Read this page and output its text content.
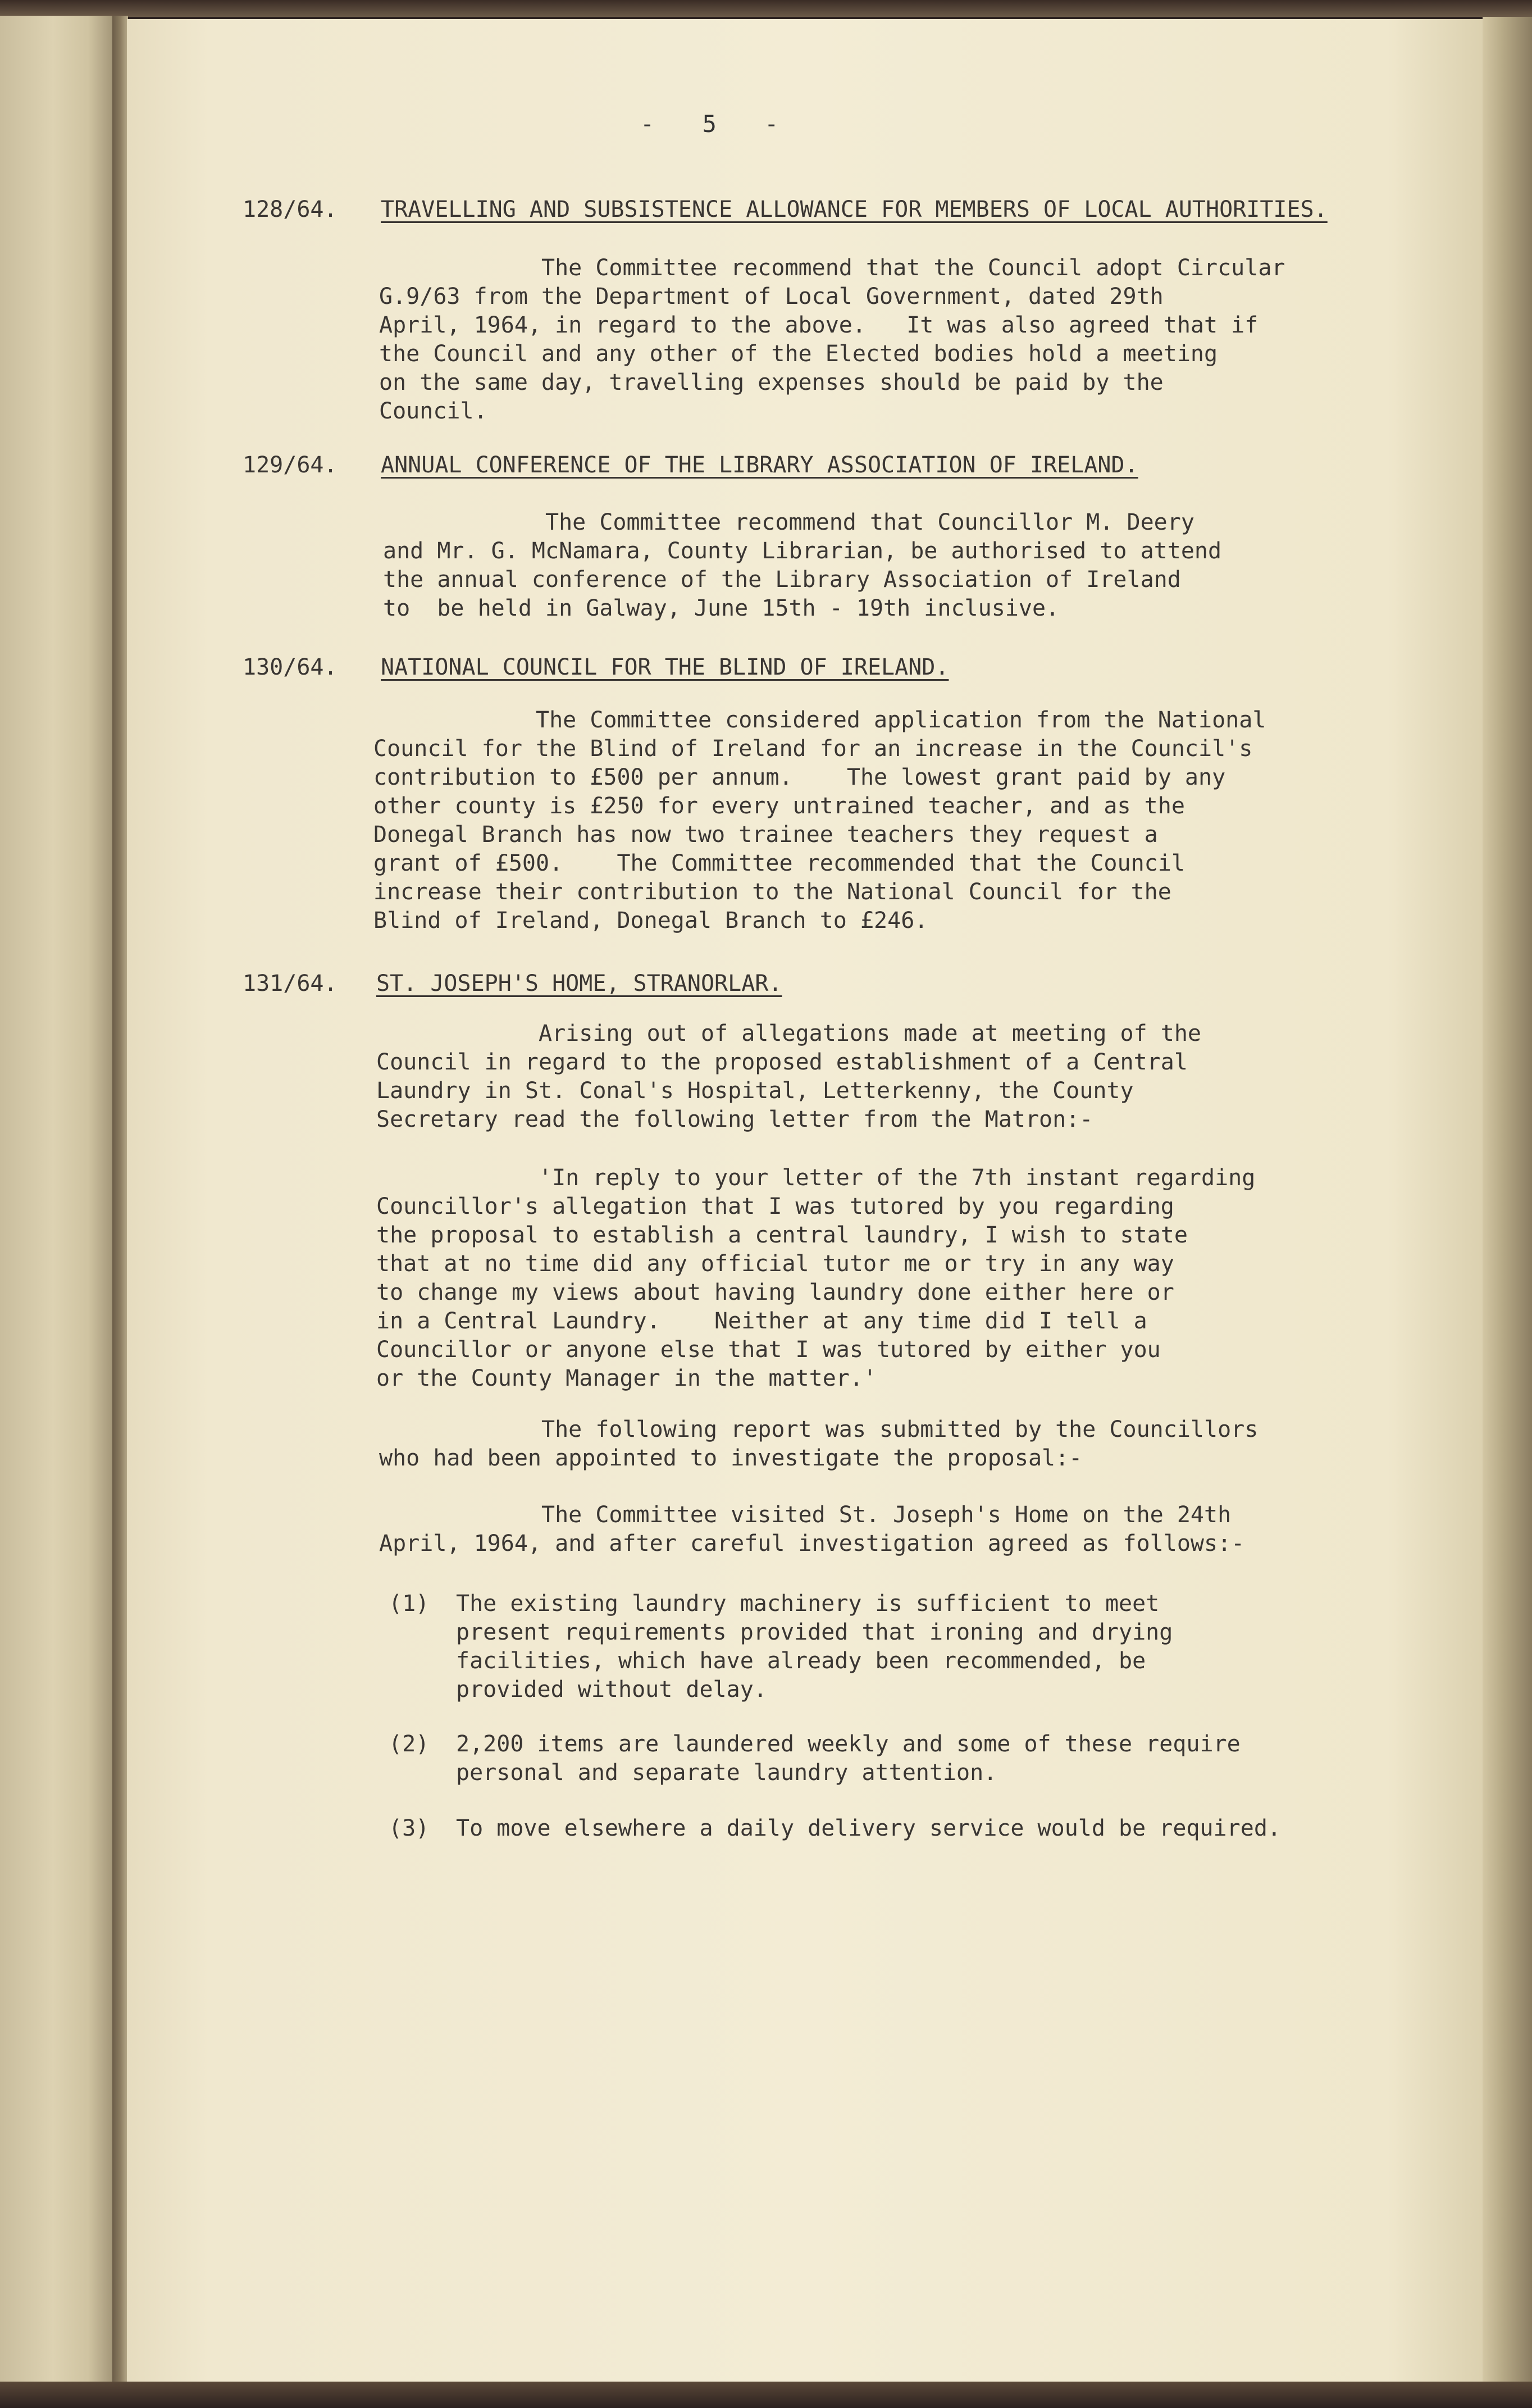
- 5 -
128/64. TRAVELLING AND SUBSISTENCE ALLOWANCE FOR MEMBERS OF LOCAL AUTHORITIES.
The Committee recommend that the Council adopt Circular
G.9/63 from the Department of Local Government, dated 29th
April, 1964, in regard to the above.   It was also agreed that if
the Council and any other of the Elected bodies hold a meeting
on the same day, travelling expenses should be paid by the
Council.
129/64. ANNUAL CONFERENCE OF THE LIBRARY ASSOCIATION OF IRELAND.
The Committee recommend that Councillor M. Deery
and Mr. G. McNamara, County Librarian, be authorised to attend
the annual conference of the Library Association of Ireland
to  be held in Galway, June 15th - 19th inclusive.
130/64. NATIONAL COUNCIL FOR THE BLIND OF IRELAND.
The Committee considered application from the National
Council for the Blind of Ireland for an increase in the Council's
contribution to £500 per annum.    The lowest grant paid by any
other county is £250 for every untrained teacher, and as the
Donegal Branch has now two trainee teachers they request a
grant of £500.    The Committee recommended that the Council
increase their contribution to the National Council for the
Blind of Ireland, Donegal Branch to £246.
131/64. ST. JOSEPH'S HOME, STRANORLAR.
Arising out of allegations made at meeting of the
Council in regard to the proposed establishment of a Central
Laundry in St. Conal's Hospital, Letterkenny, the County
Secretary read the following letter from the Matron:-
'In reply to your letter of the 7th instant regarding
Councillor's allegation that I was tutored by you regarding
the proposal to establish a central laundry, I wish to state
that at no time did any official tutor me or try in any way
to change my views about having laundry done either here or
in a Central Laundry.    Neither at any time did I tell a
Councillor or anyone else that I was tutored by either you
or the County Manager in the matter.'
The following report was submitted by the Councillors
who had been appointed to investigate the proposal:-
The Committee visited St. Joseph's Home on the 24th
April, 1964, and after careful investigation agreed as follows:-
(1) The existing laundry machinery is sufficient to meet
present requirements provided that ironing and drying
facilities, which have already been recommended, be
provided without delay.
(2) 2,200 items are laundered weekly and some of these require
personal and separate laundry attention.
(3) To move elsewhere a daily delivery service would be required.
